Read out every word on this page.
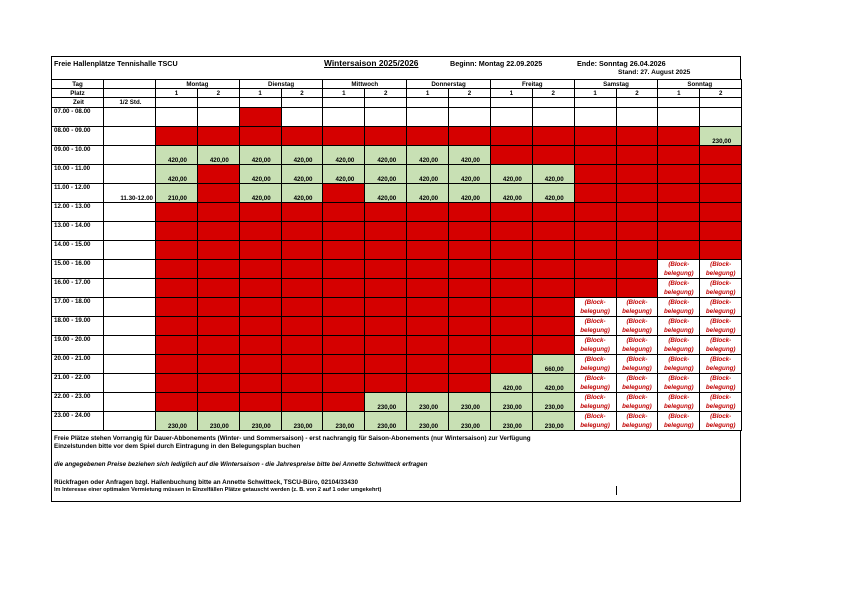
Freie Hallenplätze Tennishalle TSCU	Wintersaison 2025/2026	Beginn: Montag 22.09.2025	Ende: Sonntag 26.04.2026
Stand: 27. August 2025
Tag		Montag		Dienstag		Mittwoch		Donnerstag		Freitag		Samstag		Sonntag	
Platz		1	2	1	2	1	2	1	2	1	2	1	2	1	2
Zeit	1/2 Std.														
07.00 - 08.00															
08.00 - 09.00															230,00
09.00 - 10.00		420,00	420,00	420,00	420,00	420,00	420,00	420,00	420,00						
10.00 - 11.00		420,00		420,00	420,00	420,00	420,00	420,00	420,00	420,00	420,00				
11.00 - 12.00	11.30-12.00	210,00		420,00	420,00		420,00	420,00	420,00	420,00	420,00				
12.00 - 13.00															
13.00 - 14.00															
14.00 - 15.00															
15.00 - 16.00														(Block-
belegung)	(Block-
belegung)
16.00 - 17.00														(Block-
belegung)	(Block-
belegung)
17.00 - 18.00												(Block-
belegung)	(Block-
belegung)	(Block-
belegung)	(Block-
belegung)
18.00 - 19.00												(Block-
belegung)	(Block-
belegung)	(Block-
belegung)	(Block-
belegung)
19.00 - 20.00												(Block-
belegung)	(Block-
belegung)	(Block-
belegung)	(Block-
belegung)
20.00 - 21.00											660,00	(Block-
belegung)	(Block-
belegung)	(Block-
belegung)	(Block-
belegung)
21.00 - 22.00										420,00	420,00	(Block-
belegung)	(Block-
belegung)	(Block-
belegung)	(Block-
belegung)
22.00 - 23.00							230,00	230,00	230,00	230,00	230,00	(Block-
belegung)	(Block-
belegung)	(Block-
belegung)	(Block-
belegung)
23.00 - 24.00		230,00	230,00	230,00	230,00	230,00	230,00	230,00	230,00	230,00	230,00	(Block-
belegung)	(Block-
belegung)	(Block-
belegung)	(Block-
belegung)
Freie Plätze stehen Vorrangig für Dauer-Abbonements (Winter- und Sommersaison) - erst nachrangig für Saison-Abonements (nur Wintersaison) zur Verfügung
Einzelstunden bitte vor dem Spiel durch Eintragung in den Belegungsplan buchen
die angegebenen Preise beziehen sich lediglich auf die Wintersaison - die Jahrespreise bitte bei Annette Schwitteck erfragen
Rückfragen oder Anfragen bzgl. Hallenbuchung bitte an Annette Schwitteck, TSCU-Büro, 02104/33430
Im Interesse einer optimalen Vermietung müssen in Einzelfällen Plätze getauscht werden (z. B. von 2 auf 1 oder umgekehrt)
